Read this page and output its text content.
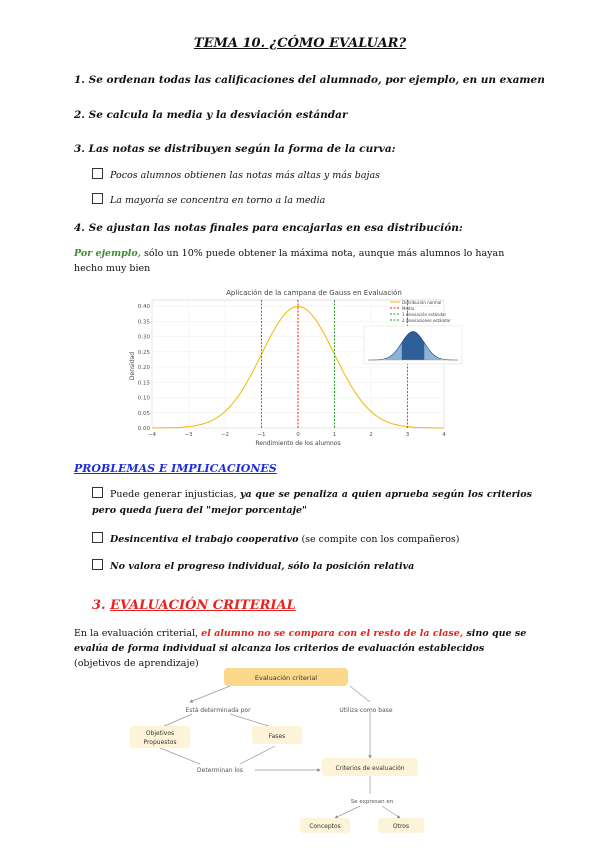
TEMA 10. ¿CÓMO EVALUAR?
1. Se ordenan todas las calificaciones del alumnado, por ejemplo, en un examen
2. Se calcula la media y la desviación estándar
3. Las notas se distribuyen según la forma de la curva:
Pocos alumnos obtienen las notas más altas y más bajas
La mayoría se concentra en torno a la media
4. Se ajustan las notas finales para encajarlas en esa distribución:
Por ejemplo, sólo un 10% puede obtener la máxima nota, aunque más alumnos lo hayan hecho muy bien
Aplicación de la campana de Gauss en Evaluación
−4	−3	−2	−1	0	1	2	3	4
0.00
0.05
0.10
0.15
0.20
0.25
0.30
0.35
0.40
Rendimiento de los alumnos
Densidad
Distribución normal
Media
1 desviación estándar
2 desviaciones estándar
PROBLEMAS E IMPLICACIONES
Puede generar injusticias, ya que se penaliza a quien aprueba según los criterios pero queda fuera del "mejor porcentaje"
Desincentiva el trabajo cooperativo (se compite con los compañeros)
No valora el progreso individual, sólo la posición relativa
3. EVALUACIÓN CRITERIAL
En la evaluación criterial, el alumno no se compara con el resto de la clase, sino que se evalúa de forma individual si alcanza los criterios de evaluación establecidos (objetivos de aprendizaje)
Evaluación criterial
Está determinada por	Utiliza como base
Objetivos
Propuestos
Fases
Determinan los	Criterios de evaluación
Se expresan en
Conceptos	Otros
